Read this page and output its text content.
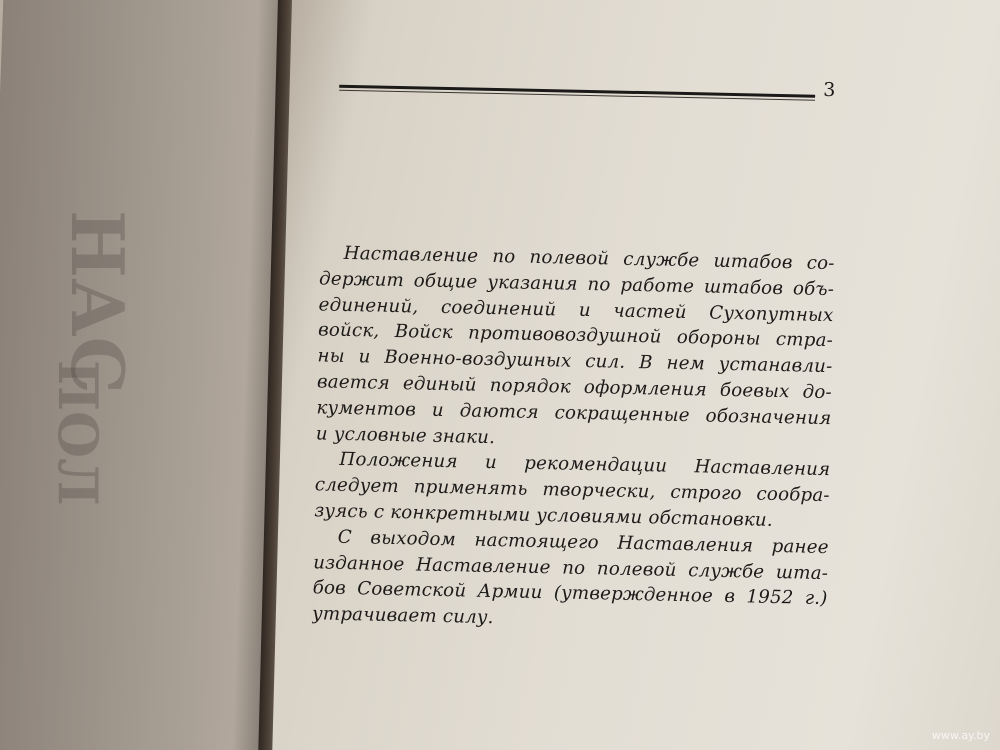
НАС
ПОЛ
3
Наставление по полевой службе штабов со-
держит общие указания по работе штабов объ-
единений, соединений и частей Сухопутных
войск, Войск противовоздушной обороны стра-
ны и Военно-воздушных сил. В нем устанавли-
вается единый порядок оформления боевых до-
кументов и даются сокращенные обозначения
и условные знаки.
Положения и рекомендации Наставления
следует применять творчески, строго сообра-
зуясь с конкретными условиями обстановки.
С выходом настоящего Наставления ранее
изданное Наставление по полевой службе шта-
бов Советской Армии (утвержденное в 1952 г.)
утрачивает силу.
www.ay.by
